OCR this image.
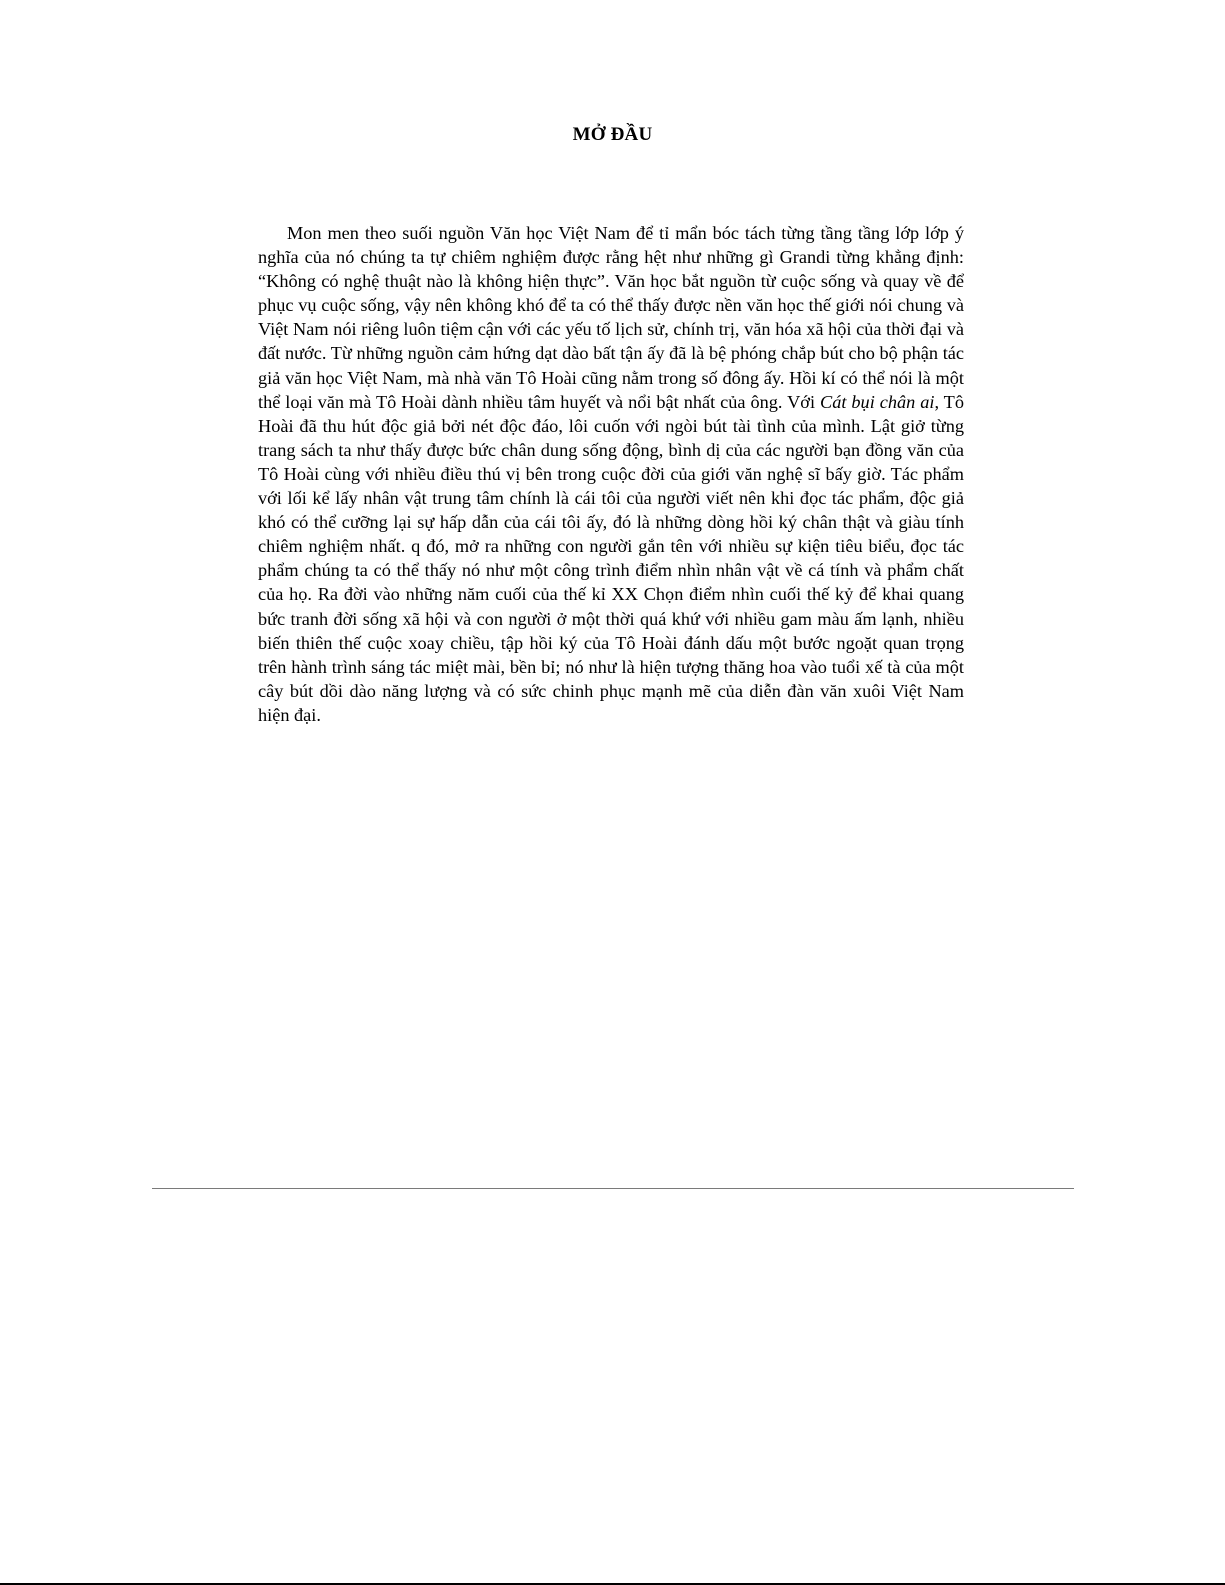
MỞ ĐẦU

Mon men theo suối nguồn Văn học Việt Nam để tỉ mẩn bóc tách từng tầng tầng lớp lớp ý nghĩa của nó chúng ta tự chiêm nghiệm được rằng hệt như những gì Grandi từng khẳng định: “Không có nghệ thuật nào là không hiện thực”. Văn học bắt nguồn từ cuộc sống và quay về để phục vụ cuộc sống, vậy nên không khó để ta có thể thấy được nền văn học thế giới nói chung và Việt Nam nói riêng luôn tiệm cận với các yếu tố lịch sử, chính trị, văn hóa xã hội của thời đại và đất nước. Từ những nguồn cảm hứng dạt dào bất tận ấy đã là bệ phóng chắp bút cho bộ phận tác giả văn học Việt Nam, mà nhà văn Tô Hoài cũng nằm trong số đông ấy. Hồi kí có thể nói là một thể loại văn mà Tô Hoài dành nhiều tâm huyết và nổi bật nhất của ông. Với Cát bụi chân ai, Tô Hoài đã thu hút độc giả bởi nét độc đáo, lôi cuốn với ngòi bút tài tình của mình. Lật giở từng trang sách ta như thấy được bức chân dung sống động, bình dị của các người bạn đồng văn của Tô Hoài cùng với nhiều điều thú vị bên trong cuộc đời của giới văn nghệ sĩ bấy giờ. Tác phẩm với lối kể lấy nhân vật trung tâm chính là cái tôi của người viết nên khi đọc tác phẩm, độc giả khó có thể cưỡng lại sự hấp dẫn của cái tôi ấy, đó là những dòng hồi ký chân thật và giàu tính chiêm nghiệm nhất. q đó, mở ra những con người gắn tên với nhiều sự kiện tiêu biểu, đọc tác phẩm chúng ta có thể thấy nó như một công trình điểm nhìn nhân vật về cá tính và phẩm chất của họ. Ra đời vào những năm cuối của thế kỉ XX Chọn điểm nhìn cuối thế kỷ để khai quang bức tranh đời sống xã hội và con người ở một thời quá khứ với nhiều gam màu ấm lạnh, nhiều biến thiên thế cuộc xoay chiều, tập hồi ký của Tô Hoài đánh dấu một bước ngoặt quan trọng trên hành trình sáng tác miệt mài, bền bỉ; nó như là hiện tượng thăng hoa vào tuổi xế tà của một cây bút dồi dào năng lượng và có sức chinh phục mạnh mẽ của diễn đàn văn xuôi Việt Nam hiện đại.
